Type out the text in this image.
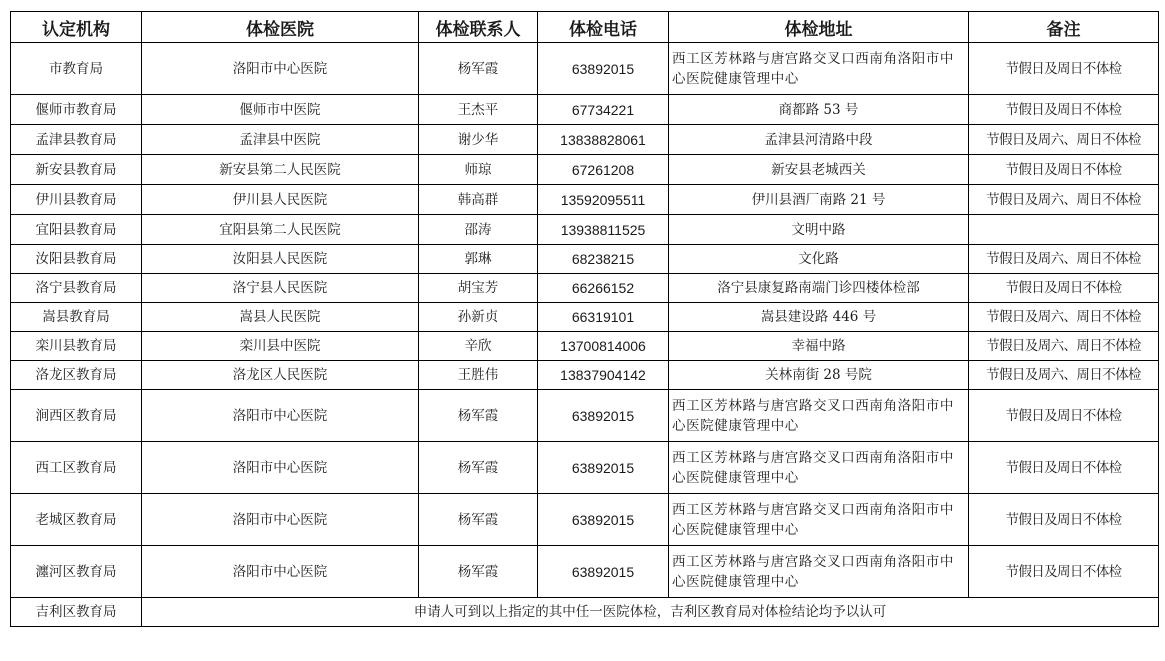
认定机构	体检医院	体检联系人	体检电话	体检地址	备注
市教育局	洛阳市中心医院	杨军霞	63892015	西工区芳林路与唐宫路交叉口西南角洛阳市中心医院健康管理中心	节假日及周日不体检
偃师市教育局	偃师市中医院	王杰平	67734221	商都路 53 号	节假日及周日不体检
孟津县教育局	孟津县中医院	谢少华	13838828061	孟津县河清路中段	节假日及周六、周日不体检
新安县教育局	新安县第二人民医院	师琼	67261208	新安县老城西关	节假日及周日不体检
伊川县教育局	伊川县人民医院	韩高群	13592095511	伊川县酒厂南路 21 号	节假日及周六、周日不体检
宜阳县教育局	宜阳县第二人民医院	邵涛	13938811525	文明中路	
汝阳县教育局	汝阳县人民医院	郭琳	68238215	文化路	节假日及周六、周日不体检
洛宁县教育局	洛宁县人民医院	胡宝芳	66266152	洛宁县康复路南端门诊四楼体检部	节假日及周日不体检
嵩县教育局	嵩县人民医院	孙新贞	66319101	嵩县建设路 446 号	节假日及周六、周日不体检
栾川县教育局	栾川县中医院	辛欣	13700814006	幸福中路	节假日及周六、周日不体检
洛龙区教育局	洛龙区人民医院	王胜伟	13837904142	关林南街 28 号院	节假日及周六、周日不体检
涧西区教育局	洛阳市中心医院	杨军霞	63892015	西工区芳林路与唐宫路交叉口西南角洛阳市中心医院健康管理中心	节假日及周日不体检
西工区教育局	洛阳市中心医院	杨军霞	63892015	西工区芳林路与唐宫路交叉口西南角洛阳市中心医院健康管理中心	节假日及周日不体检
老城区教育局	洛阳市中心医院	杨军霞	63892015	西工区芳林路与唐宫路交叉口西南角洛阳市中心医院健康管理中心	节假日及周日不体检
瀍河区教育局	洛阳市中心医院	杨军霞	63892015	西工区芳林路与唐宫路交叉口西南角洛阳市中心医院健康管理中心	节假日及周日不体检
吉利区教育局	申请人可到以上指定的其中任一医院体检，吉利区教育局对体检结论均予以认可				
